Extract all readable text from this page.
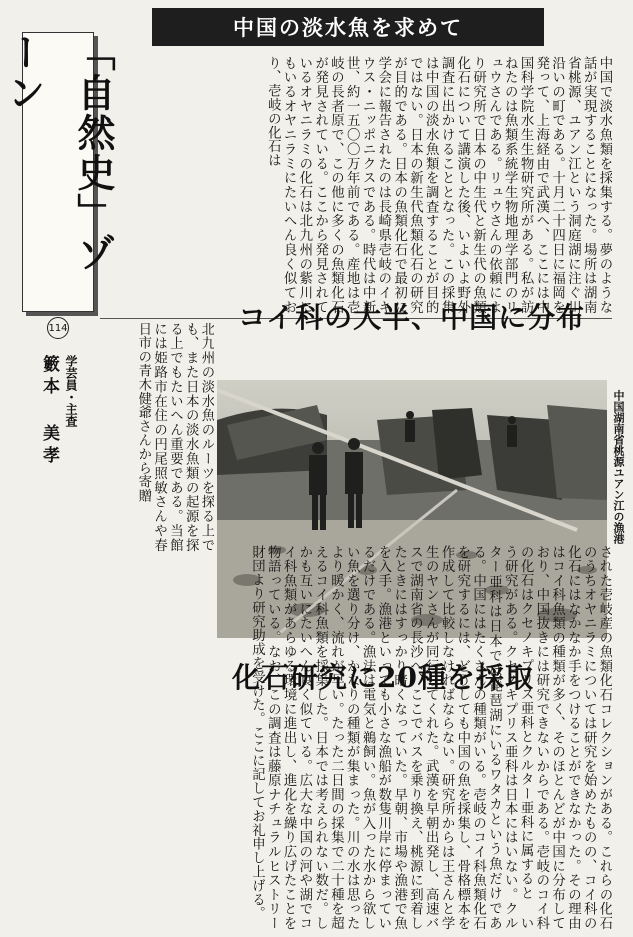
中国の淡水魚を求めて
「自然史」ゾーン
114
学芸員・主査
籔本 美孝

中国で淡水魚類を採集する。夢のような話が実現することになった。場所は湖南省桃源、ユアン江という洞庭湖に注ぐ川沿いの町である。十月二十四日に福岡を発って、上海経由で武漢へ、ここには中国科学院水生生物研究所がある。私が訪ねたのは魚類系統学生物地理学部門のリュウさんである。リュウさんの依頼により研究所で日本の中生代と新生代の魚類化石について講演した後、いよいよ野外調査に出かけることとなった。この採集は中国の淡水魚類を調査することが目的ではない。日本の新生代魚類化石の研究が目的である。日本の魚類化石で最初に学会に報告されたのは長崎県壱岐のイキウス・ニッポニクスである。時代は中新世、約一五〇〇万年前である。産地は壱岐の長者原で、この他に多くの魚類化石が発見されている。ここから発見されているオヤニラミの化石は北九州の紫川にもいるオヤニラミにたいへん良く似ており、壱岐の化石は

北九州の淡水魚のルーツを探る上でも、また日本の淡水魚類の起源を探る上でもたいへん重要である。当館には姫路市在住の円尾照敏さんや春日市の青木健爺さんから寄贈

コイ科の大半、中国に分布
中国湖南省桃源ユアン江の漁港
化石研究に20種を採取	された壱岐産の魚類化石コレクションがある。これらの化石のうちオヤニラミについては研究を始めたものの、コイ科の化石にはなかなか手をつけることができなかった。その理由はコイ科魚類の種類が多く、そのほとんどが中国に分布しており、中国抜きには研究できないからである。壱岐のコイ科の化石はクセノキプリス亜科とクルター亜科に属すると いう研究がある。クセノキプリス亜科は日本にはいない。クルター亜科は日本では琵琶湖にいるワタカという魚だけである。中国にはたくさんの種類がいる。壱岐のコイ科魚類化石を研究するには、どうしても中国の魚を採集し、骨格標本を作成して比較しなければならない。研究所からは王さんと学生のヤンさんが同行してくれた。武漢を早朝出発し、高速バスで湖南省の長沙へ、ここでバスを乗り換え、桃源に到着したときにはすっかり暗くなっていた。早朝、市場や漁港で魚を入手。漁港といっても小さな漁船が数隻川岸に停まっているだけである。漁法は電気と鵜飼い。魚が入った水から欲しい魚を選り分け、かなりの種類が集まった。川の水は思ったより暖かく、流れが早い。たった二日間の採集で二十種を超えるコイ科魚類を採集した。日本では考えられない数だ。しかも互いにたいへん良く似ている。広大な中国の河や湖でコイ科魚類があらゆる環境に進出し、進化を繰り広げたことを物語っている。なお、この調査は藤原ナチュラルヒストリー財団より研究助成を受けた。ここに記してお礼申し上げる。
